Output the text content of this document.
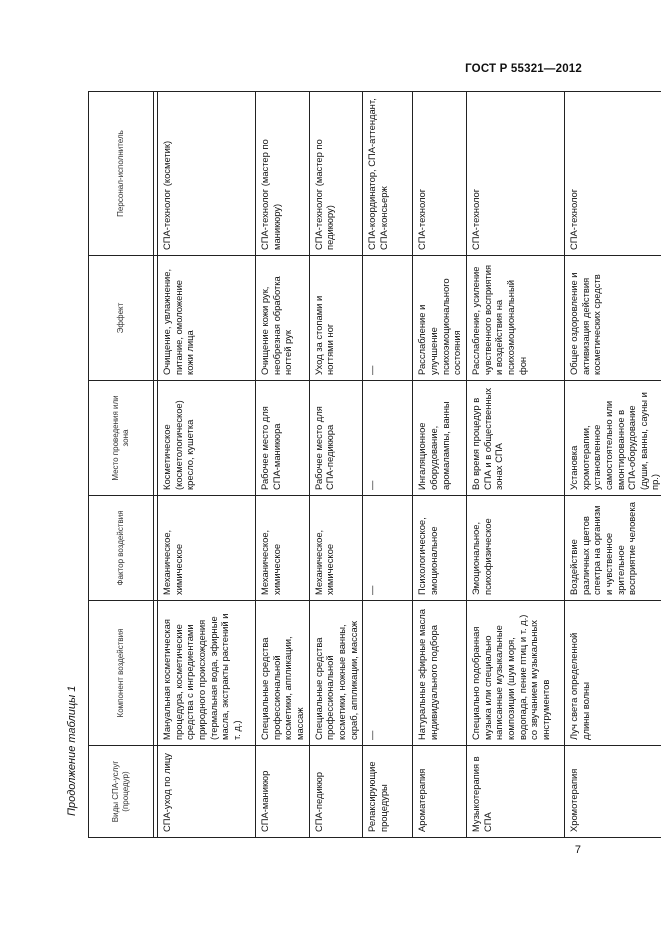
ГОСТ Р 55321—2012
Продолжение таблицы 1	Виды СПА-услуг (процедур)	Компонент воздействия	Фактор воздействия	Место проведения или зона	Эффект	Персонал-исполнитель

СПА-уход по лицу	Мануальная косметическая процедура, косметические средства с ингредиентами природного происхождения (термальная вода, эфирные масла, экстракты растений и т. д.)	Механическое, химическое	Косметическое (косметологическое) кресло, кушетка	Очищение, увлажнение, питание, омоложение кожи лица	СПА-технолог (косметик)
СПА-маникюр	Специальные средства профессиональной косметики, аппликации, массаж	Механическое, химическое	Рабочее место для СПА-маникюра	Очищение кожи рук, необрезная обработка ногтей рук	СПА-технолог (мастер по маникюру)
СПА-педикюр	Специальные средства профессиональной косметики, ножные ванны, скраб, аппликации, массаж	Механическое, химическое	Рабочее место для СПА-педикюра	Уход за стопами и ногтями ног	СПА-технолог (мастер по педикюру)
Релаксирующие процедуры	—	—	—	—	СПА-координатор, СПА-аттендант, СПА-консьерж
Ароматерапия	Натуральные эфирные масла индивидуального подбора	Психологическое, эмоциональное	Ингаляционное оборудование, аромалампы, ванны	Расслабление и улучшение психоэмоционального состояния	СПА-технолог
Музыкотерапия в СПА	Специально подобранная музыка или специально написанные музыкальные композиции (шум моря, водопада, пение птиц и т. д.) со звучанием музыкальных инструментов	Эмоциональное, психофизическое	Во время процедур в СПА и в общественных зонах СПА	Расслабление, усиление чувственного восприятия и воздействия на психоэмоциональный фон	СПА-технолог
Хромотерапия	Луч света определенной длины волны	Воздействие различных цветов спектра на организм и чувственное зрительное восприятие человека	Установка хромотерапии, установленное самостоятельно или вмонтированное в СПА-оборудование (души, ванны, сауны и пр.)	Общее оздоровление и активизация действия косметических средств	СПА-технолог
7
